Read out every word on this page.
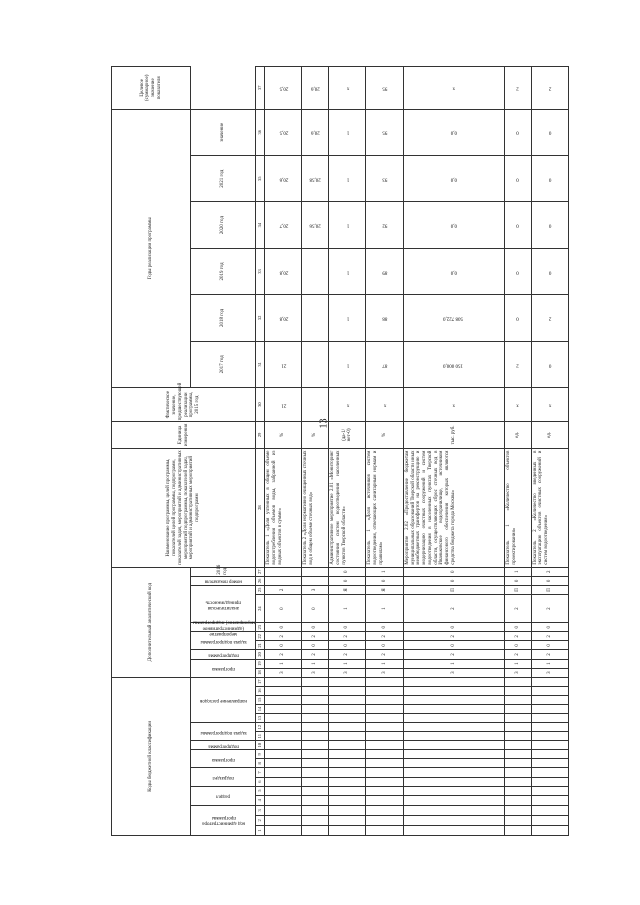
13
Коды бюджетной классификации																	Дополнительный аналитический код										Наименование программы, целей программы, показателей целей программы, подпрограмм, показателей задач, мероприятий и административных мероприятий подпрограммы, показателей задач, мероприятий и административных мероприятий подпрограмм	Единица измерения	Фактическое значение, предшествующей реализации программы, 2015 год	Годы реализации программы						Целевое (суммарное) значение показателя
код администратора программы			раздел		подраздел		программа		подпрограмма	задача подпрограммы		направление расходов					программа		подпрограмма	задача подпрограммы		мероприятие (административное мероприятие) подпрограммы	аналитическая принадлежность		номер показателя	2016 год				2017 год	2018 год	2019 год	2020 год	2021 год	значение	
1	2	3	4	5	6	7	8	9	10	11	12	13	14	15	16	17	18	19	20	21	22	23	24	25	26	27	28	29	30	31	32	33	34	35	36	37
																	3	1	2	0	2	0	0	2			Показатель 1 «Доля учтенных в общем объеме водопотребления объемов воды, забранной из водных объектов в сумме»	%	21	21	20,8	20,8	20,7	20,6	20,5	20,5
																	3	1	2	0	2	0	0	3			Показатель 2 «Доля нормативно очищенных сточных вод в общем объеме сточных вод»	%					20,56	20,58	20,6	20,6
																	3	1	2	0	2	0	1	Я	0	0	Административное мероприятие 2.01 «Мониторинг состояния систем водоотведения населенных пунктов Тверской области»	(да-1/ нет-0)	х	1	1	1	1	1	1	х
																	3	1	2	0	2	0	1	Я	0	1	Показатель 1 «Доля источников систем водоотведения, отвечающих санитарным нормам и правилам»	%	х	87	88	89	92	93	95	95
																	3	1	2	0	2	0	2	П	0	0	Мероприятие 2.02 «Предоставление бюджетам муниципальных образований Тверской области иных межбюджетных трансфертов на реконструкцию и модернизацию очистных сооружений и систем водоотведения в населенных пунктах Тверской области, осуществляющих сброс сточных вод в Иваньковское водохранилище, источником финансового обеспечения которых являются средства бюджета города Москвы»	тыс. руб.	х	150 000,0	508 722,0	0,0	0,0	0,0	0,0	х
																	3	1	2	0	2	0	2	П	0	1	Показатель 1 «Количество объектов проектирования»	ед.	х	2	0	0	0	0	0	2
																	3	1	2	0	2	0	2	П	0	2	Показатель 2 «Количество введенных в эксплуатацию объектов очистных сооружений и систем водоотведения»	ед.	х	0	2	0	0	0	0	2
